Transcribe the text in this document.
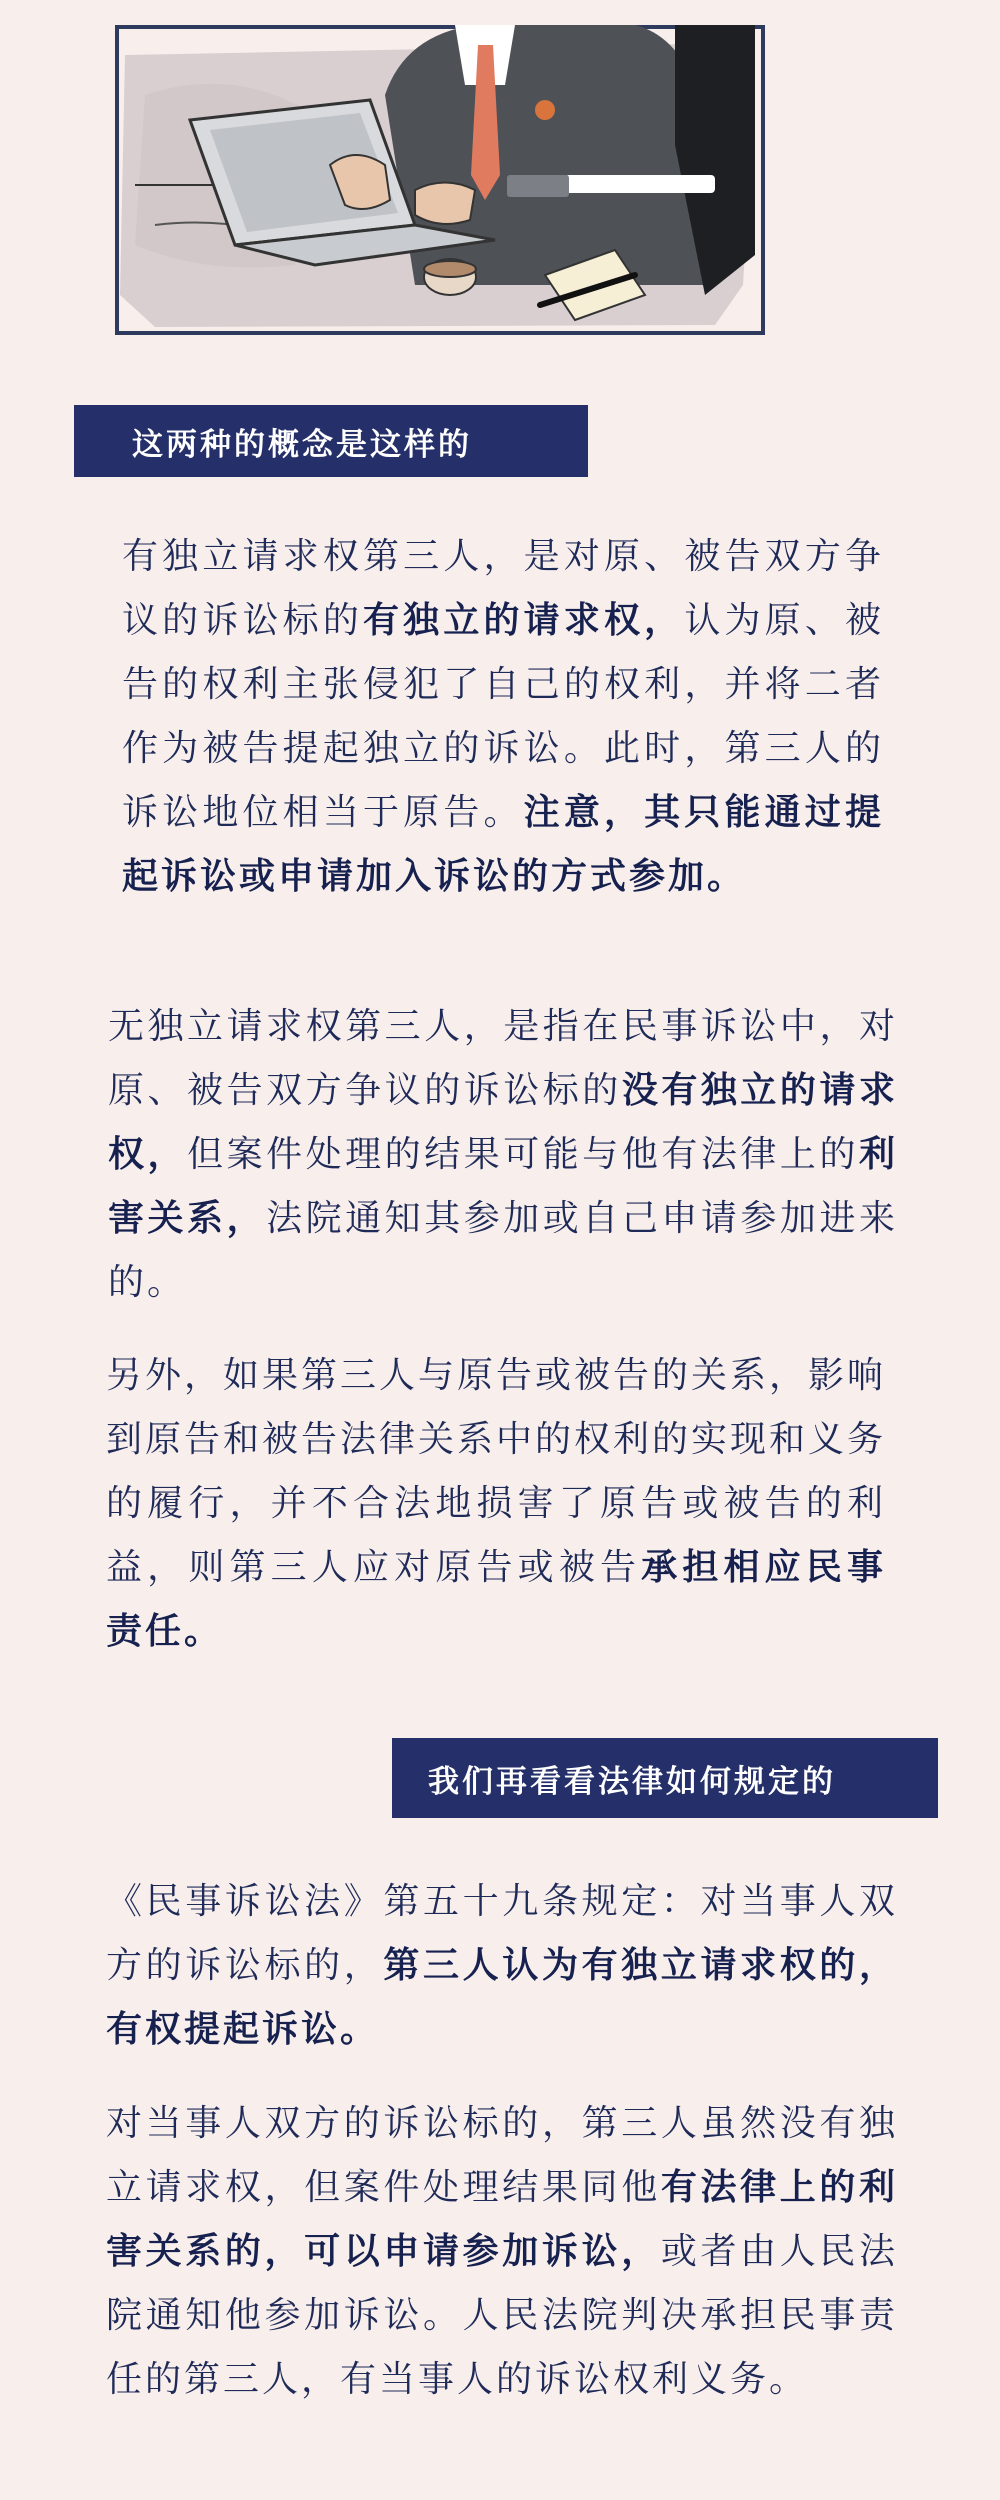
这两种的概念是这样的

有独立请求权第三人，是对原、被告双方争议的诉讼标的有独立的请求权，认为原、被告的权利主张侵犯了自己的权利，并将二者作为被告提起独立的诉讼。此时，第三人的诉讼地位相当于原告。注意，其只能通过提起诉讼或申请加入诉讼的方式参加。

无独立请求权第三人，是指在民事诉讼中，对原、被告双方争议的诉讼标的没有独立的请求权，但案件处理的结果可能与他有法律上的利害关系，法院通知其参加或自己申请参加进来的。

另外，如果第三人与原告或被告的关系，影响到原告和被告法律关系中的权利的实现和义务的履行，并不合法地损害了原告或被告的利益，则第三人应对原告或被告承担相应民事责任。

我们再看看法律如何规定的

《民事诉讼法》第五十九条规定：对当事人双方的诉讼标的，第三人认为有独立请求权的，有权提起诉讼。

对当事人双方的诉讼标的，第三人虽然没有独立请求权，但案件处理结果同他有法律上的利害关系的，可以申请参加诉讼，或者由人民法院通知他参加诉讼。人民法院判决承担民事责任的第三人，有当事人的诉讼权利义务。
